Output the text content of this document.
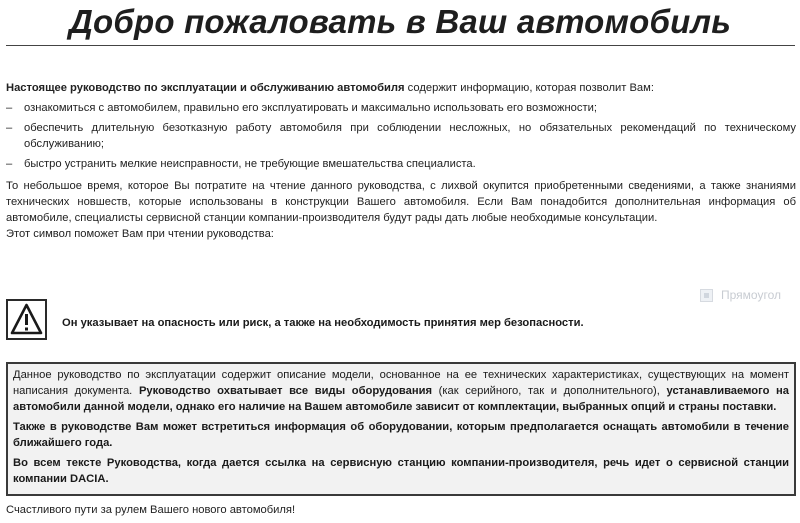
Добро пожаловать в Ваш автомобиль
Настоящее руководство по эксплуатации и обслуживанию автомобиля содержит информацию, которая позволит Вам:
– ознакомиться с автомобилем, правильно его эксплуатировать и максимально использовать его возможности;
– обеспечить длительную безотказную работу автомобиля при соблюдении несложных, но обязательных рекомендаций по техническому обслуживанию;
– быстро устранить мелкие неисправности, не требующие вмешательства специалиста.
То небольшое время, которое Вы потратите на чтение данного руководства, с лихвой окупится приобретенными сведениями, а также знаниями технических новшеств, которые использованы в конструкции Вашего автомобиля. Если Вам понадобится дополнительная информация об автомобиле, специалисты сервисной станции компании-производителя будут рады дать любые необходимые консультации.
Этот символ поможет Вам при чтении руководства:
Прямоугол
Он указывает на опасность или риск, а также на необходимость принятия мер безопасности.

Данное руководство по эксплуатации содержит описание модели, основанное на ее технических характеристиках, существующих на момент написания документа. Руководство охватывает все виды оборудования (как серийного, так и дополнительного), устанавливаемого на автомобили данной модели, однако его наличие на Вашем автомобиле зависит от комплектации, выбранных опций и страны поставки.

Также в руководстве Вам может встретиться информация об оборудовании, которым предполагается оснащать автомобили в течение ближайшего года.

Во всем тексте Руководства, когда дается ссылка на сервисную станцию компании-производителя, речь идет о сервисной станции компании DACIA.

Счастливого пути за рулем Вашего нового автомобиля!
